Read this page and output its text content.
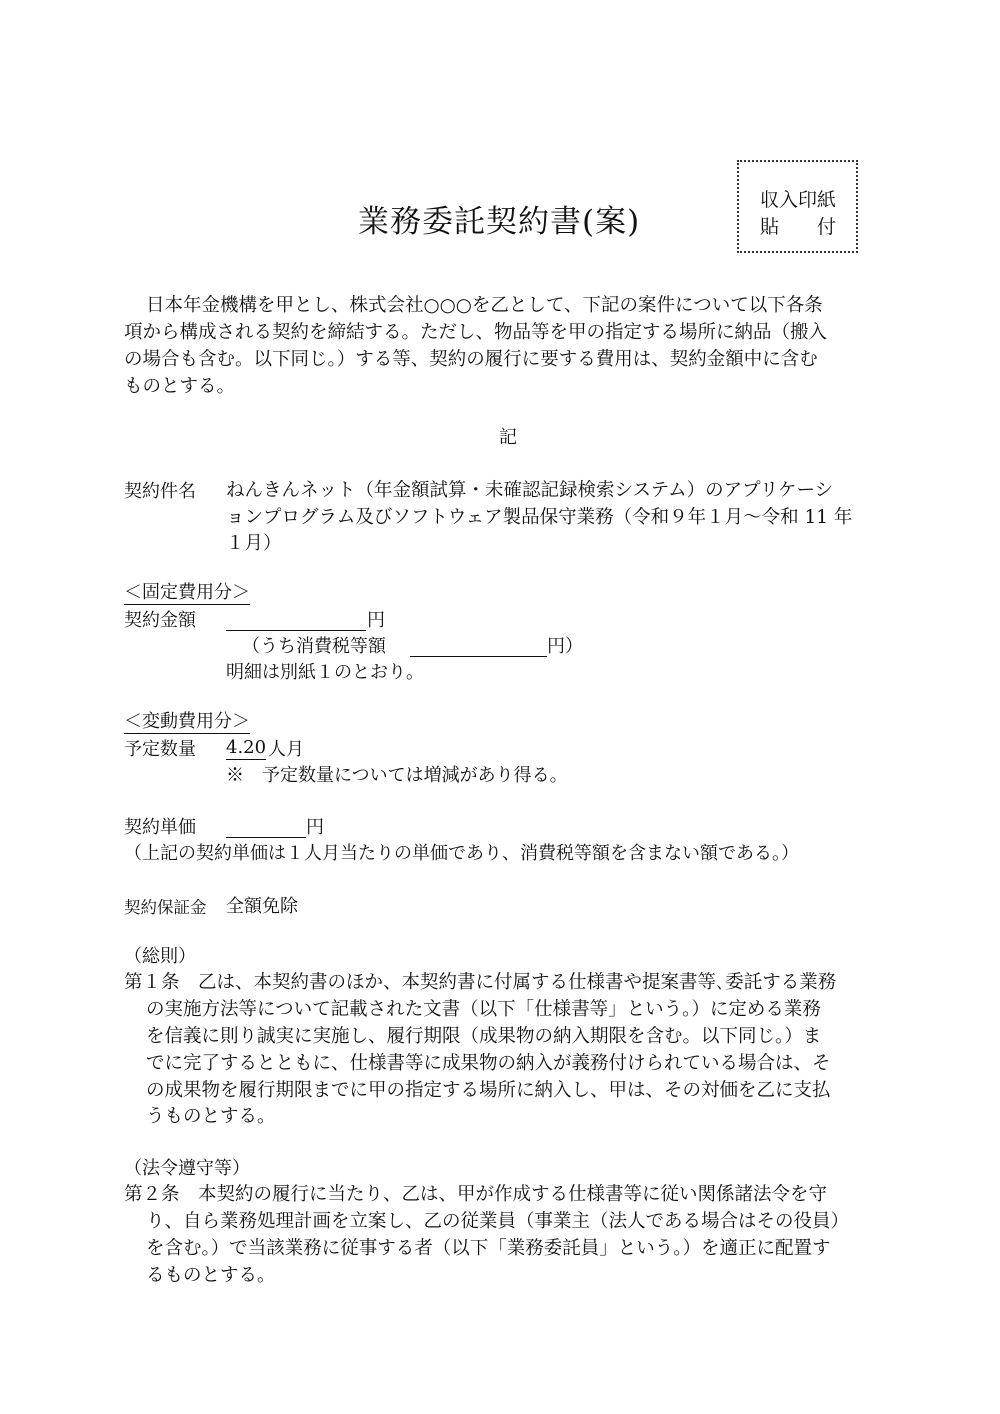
業務委託契約書(案)
収入印紙
貼　　付
日本年金機構を甲とし、株式会社○○○を乙として、下記の案件について以下各条
項から構成される契約を締結する。ただし、物品等を甲の指定する場所に納品（搬入
の場合も含む。以下同じ。）する等、契約の履行に要する費用は、契約金額中に含む
ものとする。
記
契約件名 ねんきんネット（年金額試算・未確認記録検索システム）のアプリケーシ
ョンプログラム及びソフトウェア製品保守業務（令和９年１月～令和 11 年
１月）
＜固定費用分＞
契約金額	円
（うち消費税等額	円）
明細は別紙１のとおり。
＜変動費用分＞
予定数量 4.20 人月
※　予定数量については増減があり得る。
契約単価	円
（上記の契約単価は１人月当たりの単価であり、消費税等額を含まない額である。）
契約保証金 全額免除
（総則）
第１条　乙は、本契約書のほか、本契約書に付属する仕様書や提案書等､委託する業務
の実施方法等について記載された文書（以下「仕様書等」という。）に定める業務
を信義に則り誠実に実施し、履行期限（成果物の納入期限を含む。以下同じ。）ま
でに完了するとともに、仕様書等に成果物の納入が義務付けられている場合は、そ
の成果物を履行期限までに甲の指定する場所に納入し、甲は、その対価を乙に支払
うものとする。
（法令遵守等）
第２条　本契約の履行に当たり、乙は、甲が作成する仕様書等に従い関係諸法令を守
り、自ら業務処理計画を立案し、乙の従業員（事業主（法人である場合はその役員）
を含む。）で当該業務に従事する者（以下「業務委託員」という。）を適正に配置す
るものとする。
